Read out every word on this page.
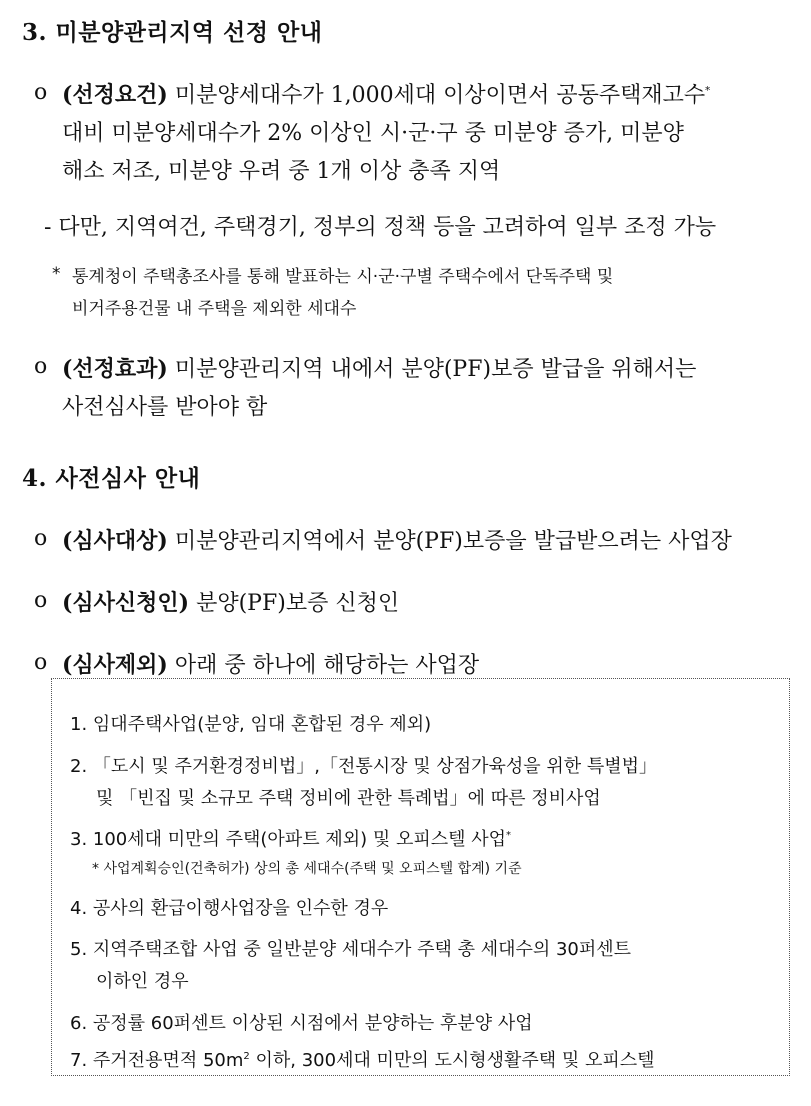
3. 미분양관리지역 선정 안내
o (선정요건) 미분양세대수가 1,000세대 이상이면서 공동주택재고수*
대비 미분양세대수가 2% 이상인 시·군·구 중 미분양 증가, 미분양
해소 저조, 미분양 우려 중 1개 이상 충족 지역
- 다만, 지역여건, 주택경기, 정부의 정책 등을 고려하여 일부 조정 가능
* 통계청이 주택총조사를 통해 발표하는 시·군·구별 주택수에서 단독주택 및
비거주용건물 내 주택을 제외한 세대수
o (선정효과) 미분양관리지역 내에서 분양(PF)보증 발급을 위해서는
사전심사를 받아야 함
4. 사전심사 안내
o (심사대상) 미분양관리지역에서 분양(PF)보증을 발급받으려는 사업장
o (심사신청인) 분양(PF)보증 신청인
o (심사제외) 아래 중 하나에 해당하는 사업장
1. 임대주택사업(분양, 임대 혼합된 경우 제외)
2. 「도시 및 주거환경정비법」,「전통시장 및 상점가육성을 위한 특별법」
및 「빈집 및 소규모 주택 정비에 관한 특례법」에 따른 정비사업
3. 100세대 미만의 주택(아파트 제외) 및 오피스텔 사업*
* 사업계획승인(건축허가) 상의 총 세대수(주택 및 오피스텔 합계) 기준
4. 공사의 환급이행사업장을 인수한 경우
5. 지역주택조합 사업 중 일반분양 세대수가 주택 총 세대수의 30퍼센트
이하인 경우
6. 공정률 60퍼센트 이상된 시점에서 분양하는 후분양 사업
7. 주거전용면적 $50m^2$ 이하, 300세대 미만의 도시형생활주택 및 오피스텔
